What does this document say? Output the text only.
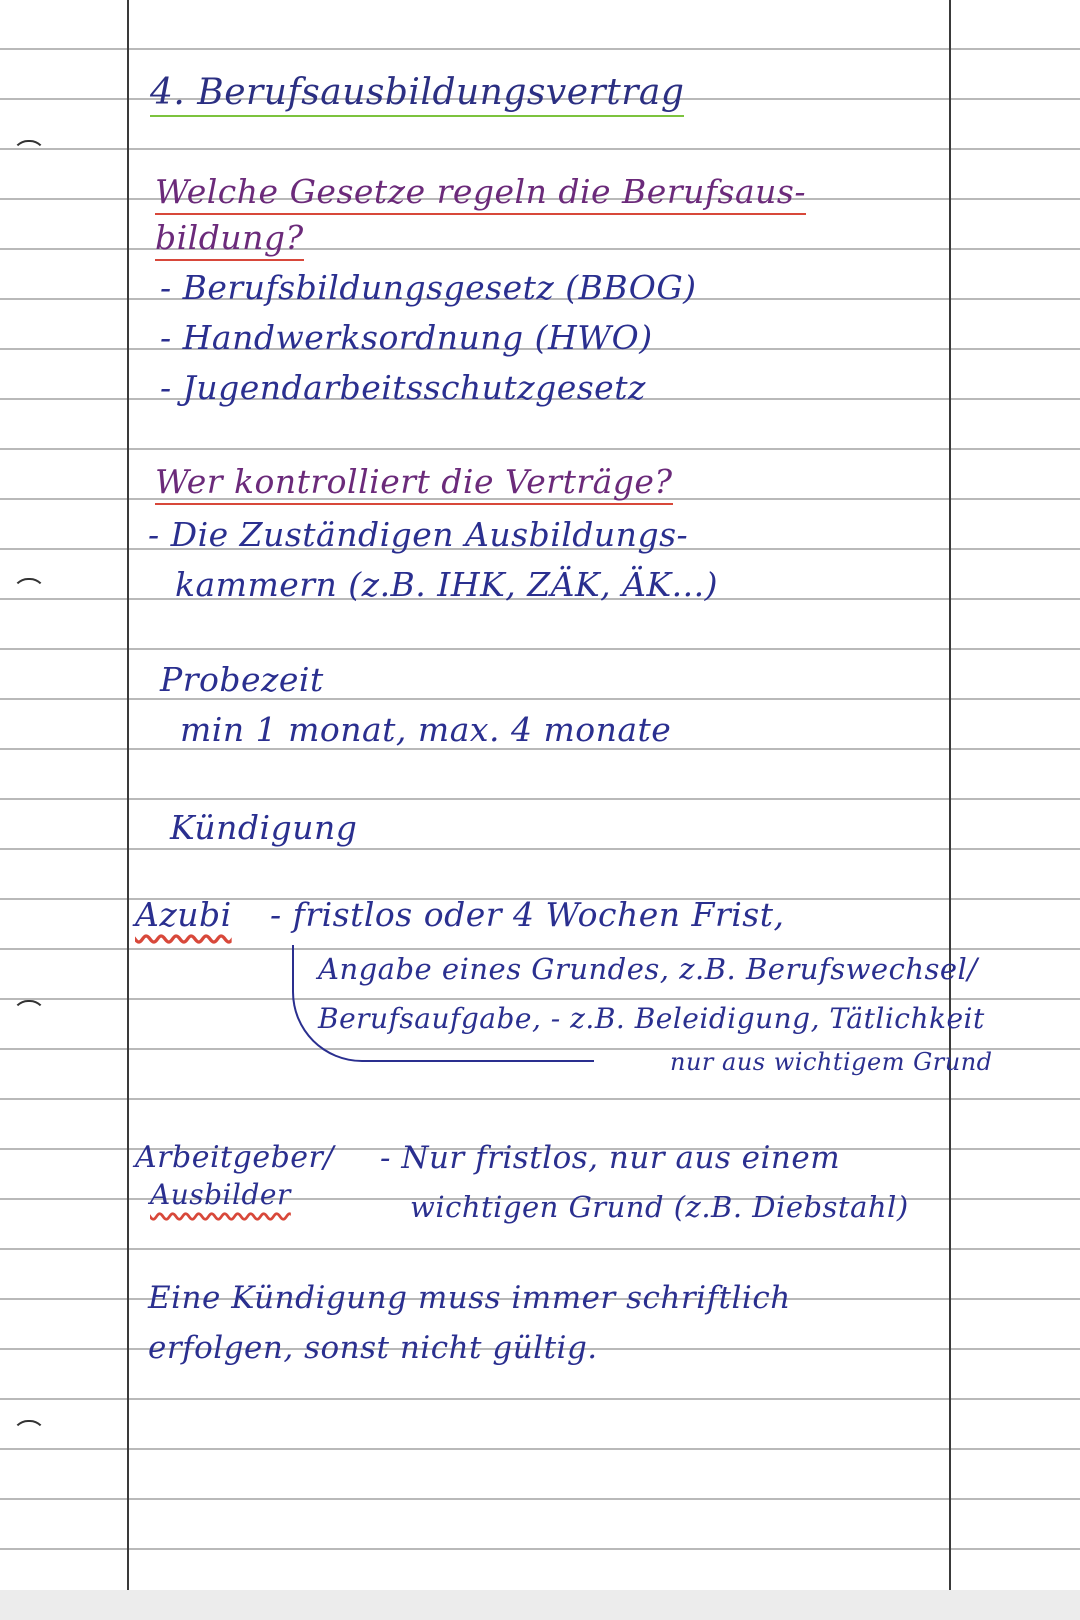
4. Berufsausbildungsvertrag
Welche Gesetze regeln die Berufsaus-
bildung?
- Berufsbildungsgesetz (BBOG)
- Handwerksordnung (HWO)
- Jugendarbeitsschutzgesetz
Wer kontrolliert die Verträge?
- Die Zuständigen Ausbildungs-
kammern (z.B. IHK, ZÄK, ÄK...)
Probezeit
min 1 monat, max. 4 monate
Kündigung
Azubi - fristlos oder 4 Wochen Frist,
Angabe eines Grundes, z.B. Berufswechsel/
Berufsaufgabe, - z.B. Beleidigung, Tätlichkeit
nur aus wichtigem Grund
Arbeitgeber/
Ausbilder
- Nur fristlos, nur aus einem
wichtigen Grund (z.B. Diebstahl)
Eine Kündigung muss immer schriftlich
erfolgen, sonst nicht gültig.
